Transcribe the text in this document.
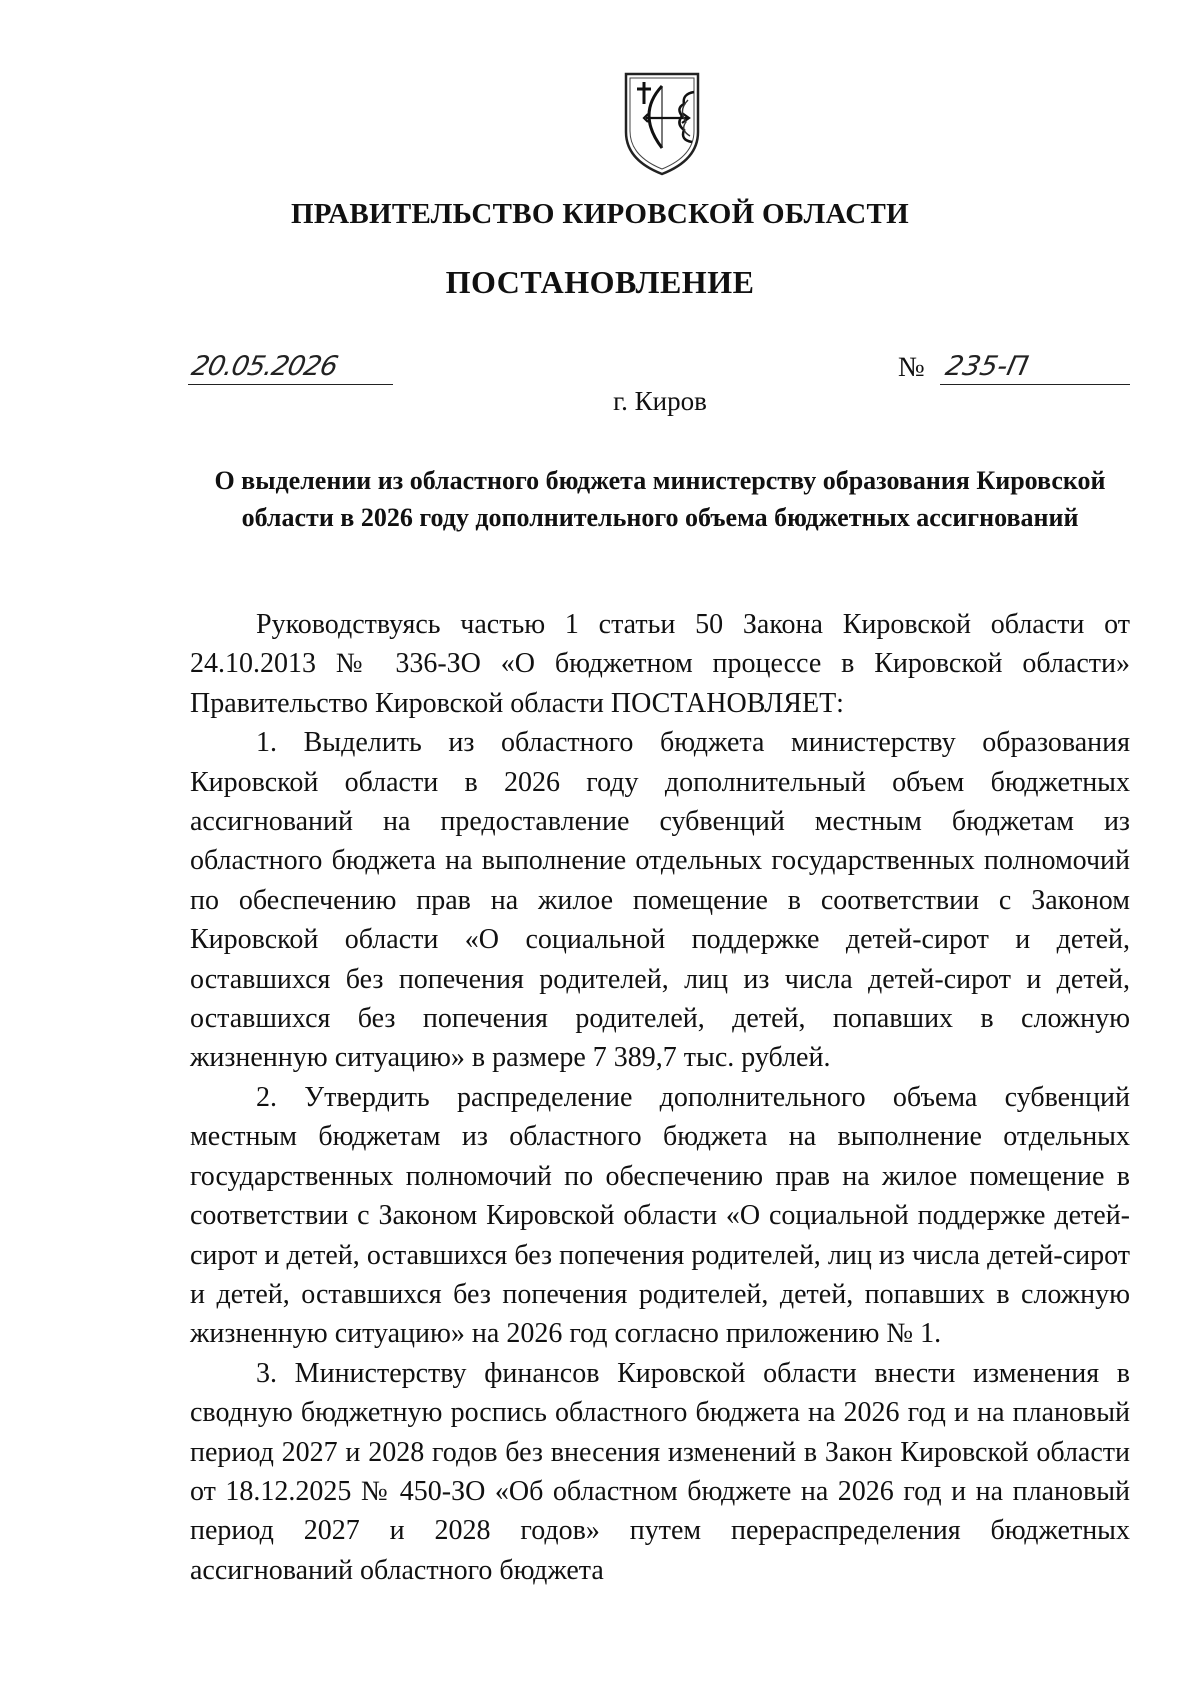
ПРАВИТЕЛЬСТВО КИРОВСКОЙ ОБЛАСТИ
ПОСТАНОВЛЕНИЕ
20.05.2026	№ 235-П
г. Киров
О выделении из областного бюджета министерству образования Кировской области в 2026 году дополнительного объема бюджетных ассигнований

Руководствуясь частью 1 статьи 50 Закона Кировской области от 24.10.2013 № 336-ЗО «О бюджетном процессе в Кировской области» Правительство Кировской области ПОСТАНОВЛЯЕТ:

1. Выделить из областного бюджета министерству образования Кировской области в 2026 году дополнительный объем бюджетных ассигнований на предоставление субвенций местным бюджетам из областного бюджета на выполнение отдельных государственных полномочий по обеспечению прав на жилое помещение в соответствии с Законом Кировской области «О социальной поддержке детей-сирот и детей, оставшихся без попечения родителей, лиц из числа детей-сирот и детей, оставшихся без попечения родителей, детей, попавших в сложную жизненную ситуацию» в размере 7 389,7 тыс. рублей.

2. Утвердить распределение дополнительного объема субвенций местным бюджетам из областного бюджета на выполнение отдельных государственных полномочий по обеспечению прав на жилое помещение в соответствии с Законом Кировской области «О социальной поддержке детей-сирот и детей, оставшихся без попечения родителей, лиц из числа детей-сирот и детей, оставшихся без попечения родителей, детей, попавших в сложную жизненную ситуацию» на 2026 год согласно приложению № 1.

3. Министерству финансов Кировской области внести изменения в сводную бюджетную роспись областного бюджета на 2026 год и на плановый период 2027 и 2028 годов без внесения изменений в Закон Кировской области от 18.12.2025 № 450-ЗО «Об областном бюджете на 2026 год и на плановый период 2027 и 2028 годов» путем перераспределения бюджетных ассигнований областного бюджета
